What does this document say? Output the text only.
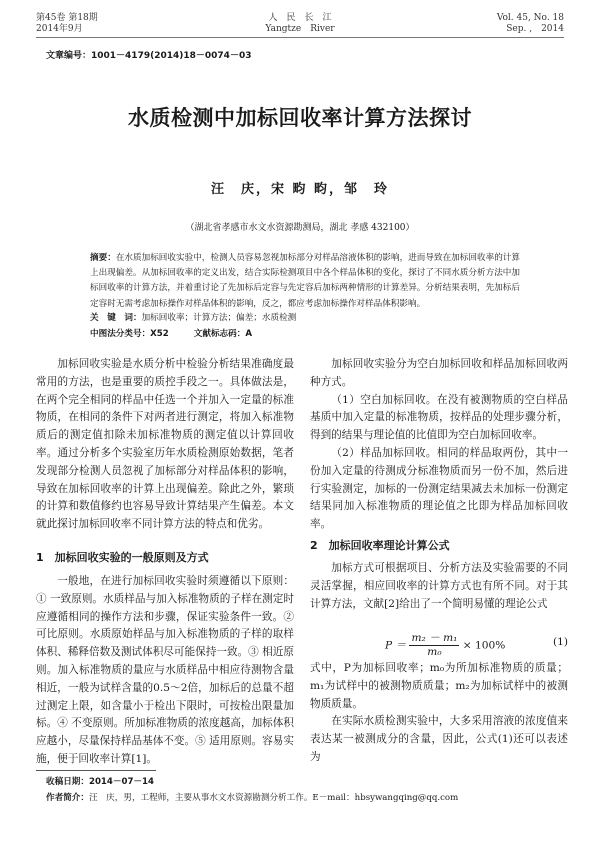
第45卷 第18期
2014年9月
人　民　长　江
Yangtze　River
Vol. 45, No. 18
Sep. ,　2014
文章编号：1001－4179(2014)18－0074－03
水质检测中加标回收率计算方法探讨
汪　庆，宋 畇 畇，邹　玲
（湖北省孝感市水文水资源勘测局，湖北 孝感 432100）
摘要：在水质加标回收实验中，检测人员容易忽视加标部分对样品溶液体积的影响，进而导致在加标回收率的计算上出现偏差。从加标回收率的定义出发，结合实际检测项目中各个样品体积的变化，探讨了不同水质分析方法中加标回收率的计算方法，并着重讨论了先加标后定容与先定容后加标两种情形的计算差异。分析结果表明，先加标后定容时无需考虑加标操作对样品体积的影响，反之，都应考虑加标操作对样品体积影响。
关　键　词：加标回收率；计算方法；偏差；水质检测
中图法分类号：X52	文献标志码：A

加标回收实验是水质分析中检验分析结果准确度最常用的方法，也是重要的质控手段之一。具体做法是，在两个完全相同的样品中任选一个并加入一定量的标准物质，在相同的条件下对两者进行测定，将加入标准物质后的测定值扣除未加标准物质的测定值以计算回收率。通过分析多个实验室历年水质检测原始数据，笔者发现部分检测人员忽视了加标部分对样品体积的影响，导致在加标回收率的计算上出现偏差。除此之外，繁琐的计算和数值修约也容易导致计算结果产生偏差。本文就此探讨加标回收率不同计算方法的特点和优劣。

1　加标回收实验的一般原则及方式

一般地，在进行加标回收实验时须遵循以下原则：① 一致原则。水质样品与加入标准物质的子样在测定时应遵循相同的操作方法和步骤，保证实验条件一致。② 可比原则。水质原始样品与加入标准物质的子样的取样体积、稀释倍数及测试体积尽可能保持一致。③ 相近原则。加入标准物质的量应与水质样品中相应待测物含量相近，一般为试样含量的0.5～2倍，加标后的总量不超过测定上限，如含量小于检出下限时，可按检出限量加标。④ 不变原则。所加标准物质的浓度越高，加标体积应越小，尽量保持样品基体不变。⑤ 适用原则。容易实施，便于回收率计算[1]。

加标回收实验分为空白加标回收和样品加标回收两种方式。

（1）空白加标回收。在没有被测物质的空白样品基质中加入定量的标准物质，按样品的处理步骤分析，得到的结果与理论值的比值即为空白加标回收率。

（2）样品加标回收。相同的样品取两份，其中一份加入定量的待测成分标准物质而另一份不加，然后进行实验测定，加标的一份测定结果减去未加标一份测定结果同加入标准物质的理论值之比即为样品加标回收率。

2　加标回收率理论计算公式

加标方式可根据项目、分析方法及实验需要的不同灵活掌握，相应回收率的计算方式也有所不同。对于其计算方法，文献[2]给出了一个简明易懂的理论公式

$P = \frac{\text{m₂ － m₁}}{\text{m₀}} \times 100\%$	(1)

式中，P为加标回收率；m₀为所加标准物质的质量；m₁为试样中的被测物质质量；m₂为加标试样中的被测物质质量。

在实际水质检测实验中，大多采用溶液的浓度值来表达某一被测成分的含量，因此，公式(1)还可以表述为

收稿日期：2014－07－14
作者简介：汪　庆，男，工程师，主要从事水文水资源勘测分析工作。E－mail：hbsywangqing@qq.com
